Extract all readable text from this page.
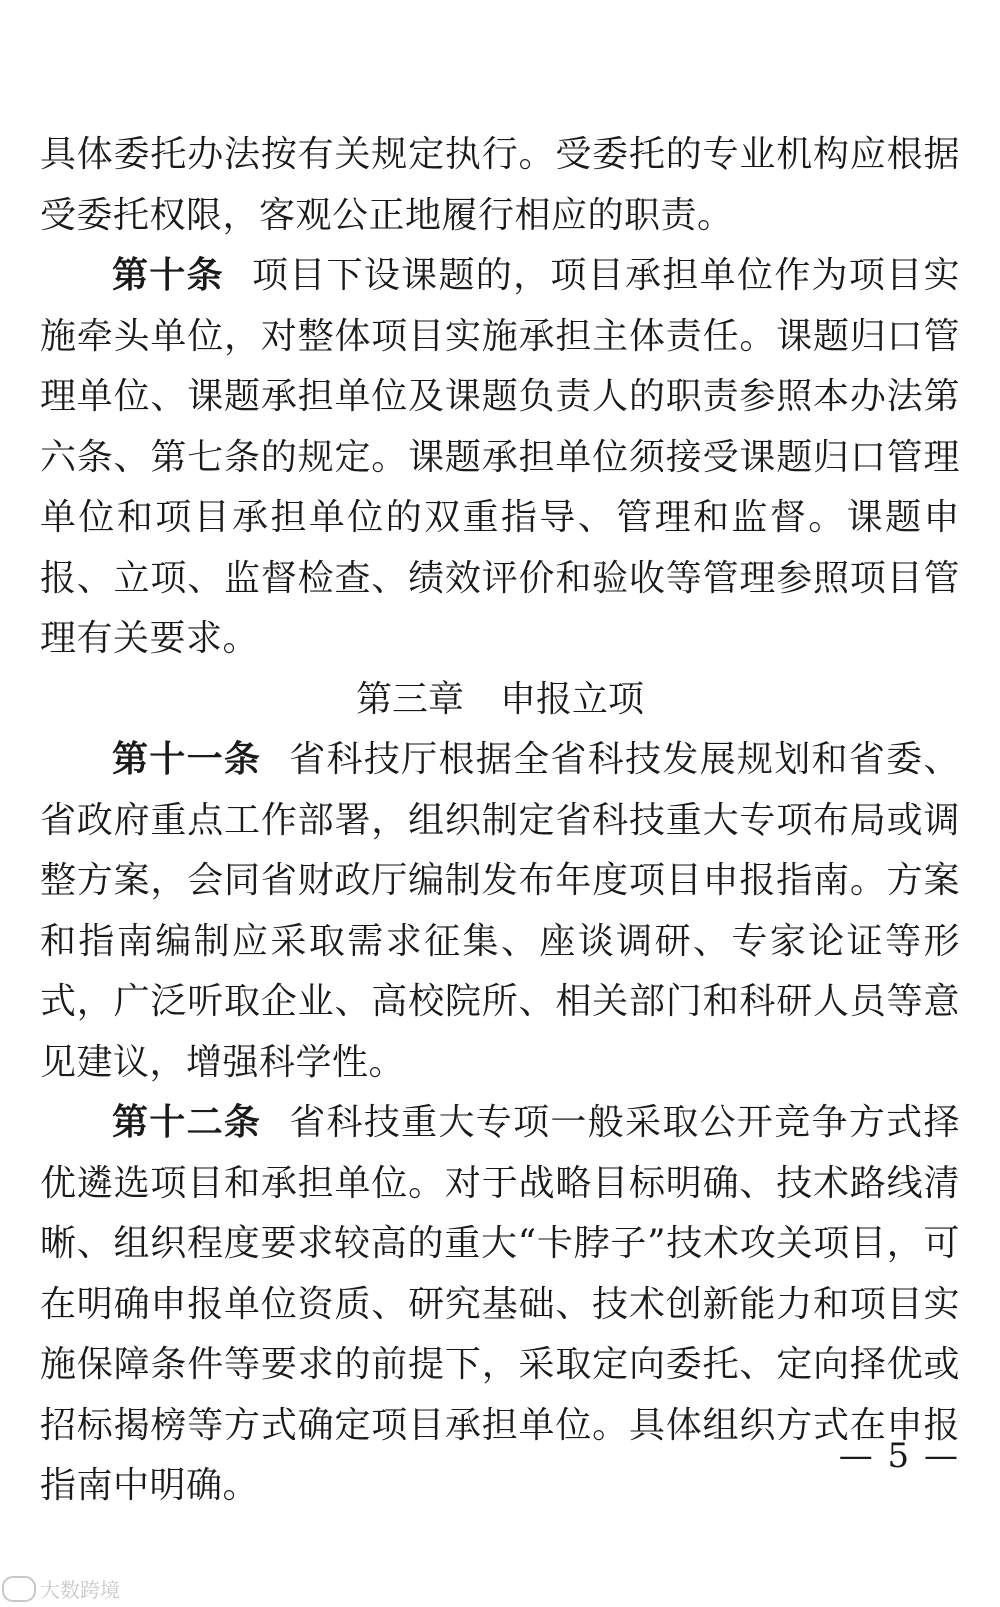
具体委托办法按有关规定执行。受委托的专业机构应根据受委托权限，客观公正地履行相应的职责。

第十条 项目下设课题的，项目承担单位作为项目实施牵头单位，对整体项目实施承担主体责任。课题归口管理单位、课题承担单位及课题负责人的职责参照本办法第六条、第七条的规定。课题承担单位须接受课题归口管理单位和项目承担单位的双重指导、管理和监督。课题申报、立项、监督检查、绩效评价和验收等管理参照项目管理有关要求。

第三章 申报立项

第十一条 省科技厅根据全省科技发展规划和省委、省政府重点工作部署，组织制定省科技重大专项布局或调整方案，会同省财政厅编制发布年度项目申报指南。方案和指南编制应采取需求征集、座谈调研、专家论证等形式，广泛听取企业、高校院所、相关部门和科研人员等意见建议，增强科学性。

第十二条 省科技重大专项一般采取公开竞争方式择优遴选项目和承担单位。对于战略目标明确、技术路线清晰、组织程度要求较高的重大“卡脖子”技术攻关项目，可在明确申报单位资质、研究基础、技术创新能力和项目实施保障条件等要求的前提下，采取定向委托、定向择优或招标揭榜等方式确定项目承担单位。具体组织方式在申报指南中明确。

— 5 —
大数跨境
